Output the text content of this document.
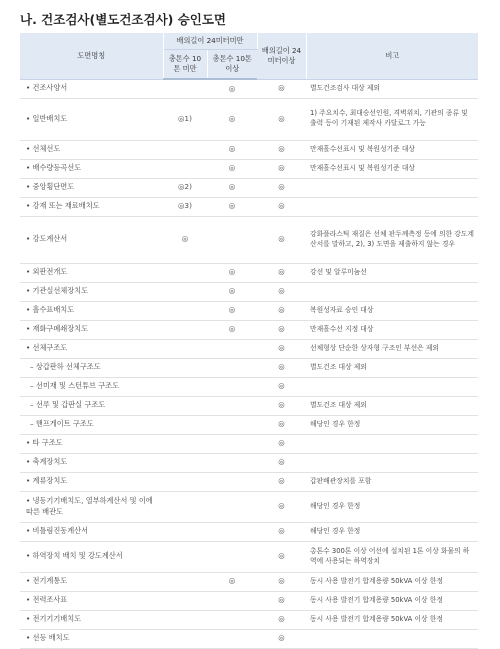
나. 건조검사(별도건조검사) 승인도면
도면명칭	배의길이 24미터미만		배의길이 24미터이상	비고
	총톤수 10톤 미만	총톤수 10톤 이상		
• 건조사양서		◎	◎	별도건조검사 대상 제외
• 일반배치도	◎1)	◎	◎	1) 주요치수, 최대승선인원, 격벽위치, 기관의 종류 및 출력 등이 기재된 제작사 카달로그 가능
• 선체선도		◎	◎	만재흘수선표시 및 복원성기준 대상
• 배수량등곡선도		◎	◎	만재흘수선표시 및 복원성기준 대상
• 중앙횡단면도	◎2)	◎	◎	
• 강재 또는 재료배치도	◎3)	◎	◎	
• 강도계산서	◎		◎	강화플라스틱 재질은 선체 판두께측정 등에 의한 강도계산서를 말하고, 2), 3) 도면을 제출하지 않는 경우
• 외판전개도		◎	◎	강선 및 알루미늄선
• 기관실선체장치도		◎	◎	
• 흘수표배치도		◎	◎	복원성자료 승인 대상
• 재화구폐쇄장치도		◎	◎	만재흘수선 지정 대상
• 선체구조도			◎	선체형상 단순한 상자형 구조인 부선은 제외
– 상갑판하 선체구조도			◎	별도건조 대상 제외
– 선미재 및 스턴튜브 구조도			◎	
– 선루 및 갑판실 구조도			◎	별도건조 대상 제외
– 핸프게이트 구조도			◎	해당인 경우 한정
• 타 구조도			◎	
• 축계장치도			◎	
• 계류장치도			◎	갑판배관장치를 포함
• 냉동기기배치도, 열부하계산서 및 이에 따른 배관도			◎	해당인 경우 한정
• 비틀림진동계산서			◎	해당인 경우 한정
• 하역장치 배치 및 강도계산서			◎	총톤수 300톤 이상 어선에 설치된 1톤 이상 화물의 하역에 사용되는 하역장치
• 전기계통도		◎	◎	동시 사용 발전기 합계용량 50kVA 이상 한정
• 전력조사표			◎	동시 사용 발전기 합계용량 50kVA 이상 한정
• 전기기기배치도			◎	동시 사용 발전기 합계용량 50kVA 이상 한정
• 선등 배치도			◎	
